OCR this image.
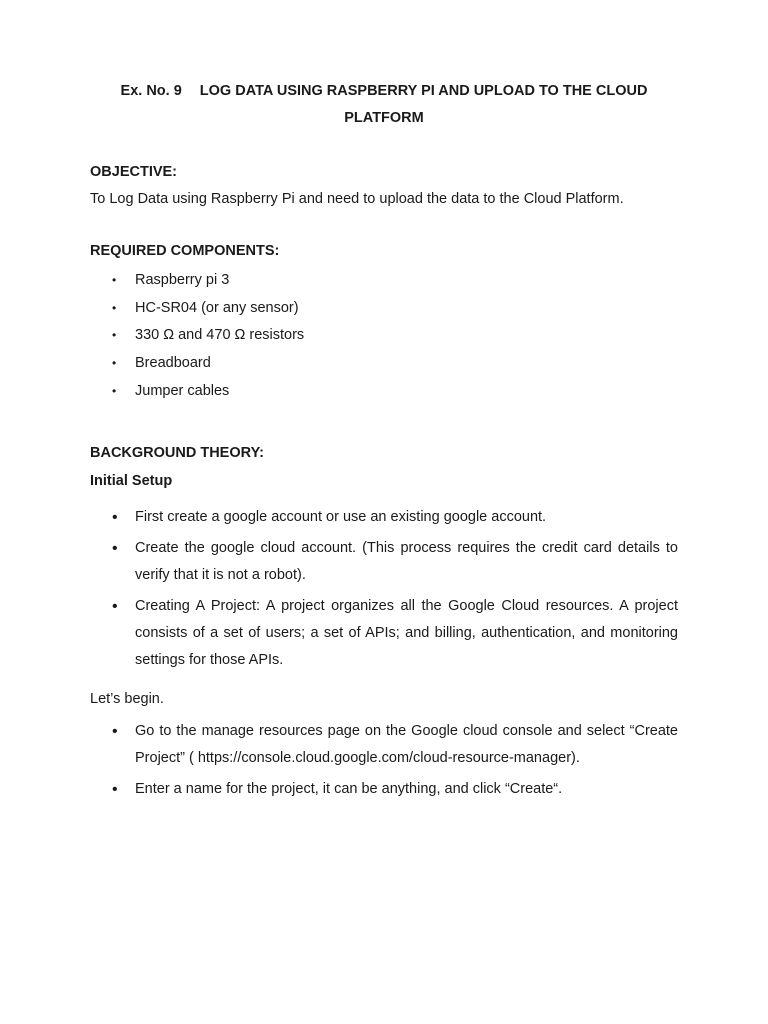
Ex. No. 9 LOG DATA USING RASPBERRY PI AND UPLOAD TO THE CLOUD
PLATFORM
OBJECTIVE:
To Log Data using Raspberry Pi and need to upload the data to the Cloud Platform.
REQUIRED COMPONENTS:
• Raspberry pi 3
• HC-SR04 (or any sensor)
• 330 Ω and 470 Ω resistors
• Breadboard
• Jumper cables
BACKGROUND THEORY:
Initial Setup
• First create a google account or use an existing google account.
• Create the google cloud account. (This process requires the credit card details to verify that it is not a robot).
• Creating A Project: A project organizes all the Google Cloud resources. A project consists of a set of users; a set of APIs; and billing, authentication, and monitoring settings for those APIs.
Let’s begin.
• Go to the manage resources page on the Google cloud console and select “Create Project” ( https://console.cloud.google.com/cloud-resource-manager).
• Enter a name for the project, it can be anything, and click “Create“.
